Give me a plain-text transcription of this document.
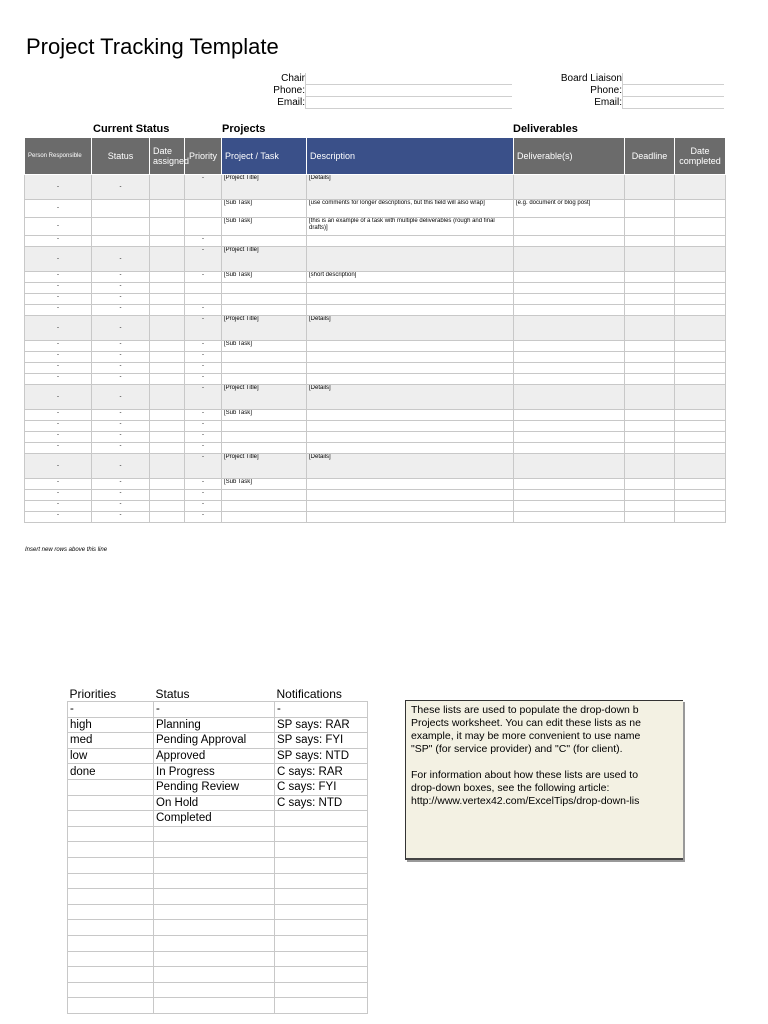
Project Tracking Template
Chair
Phone:
Email:
Board Liaison
Phone:
Email:
Current Status	Projects	Deliverables
Person Responsible	Status	Date assigned	Priority	Project / Task	Description	Deliverable(s)	Deadline	Date completed
-	-		-	[Project Title]	[Details]			
-				[Sub Task]	[use comments for longer descriptions, but this field will also wrap]	[e.g. document or blog post]		
-				[Sub Task]	[this is an example of a task with multiple deliverables (rough and final drafts)]			
-			-					
-	-		-	[Project Title]				
-	-		-	[Sub Task]	[short description]			
-	-							
-	-							
-	-		-					
-	-		-	[Project Title]	[Details]			
-	-		-	[Sub Task]				
-	-		-					
-	-		-					
-	-		-					
-	-		-	[Project Title]	[Details]			
-	-		-	[Sub Task]				
-	-		-					
-	-		-					
-	-		-					
-	-		-	[Project Title]	[Details]			
-	-		-	[Sub Task]				
-	-		-					
-	-		-					
-	-		-					
Insert new rows above this line
Priorities	Status	Notifications
-	-	-
high	Planning	SP says: RAR
med	Pending Approval	SP says: FYI
low	Approved	SP says: NTD
done	In Progress	C says: RAR
	Pending Review	C says: FYI
	On Hold	C says: NTD
	Completed	

These lists are used to populate the drop-down b

Projects worksheet. You can edit these lists as ne

example, it may be more convenient to use name

"SP" (for service provider) and "C" (for client).

For information about how these lists are used to

drop-down boxes, see the following article:

http://www.vertex42.com/ExcelTips/drop-down-lis
